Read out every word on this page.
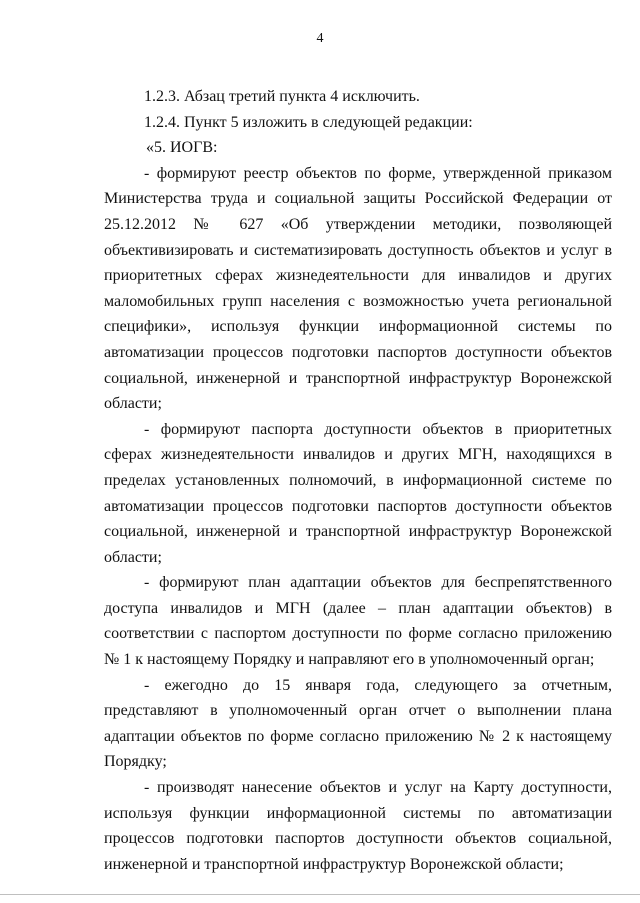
4

1.2.3. Абзац третий пункта 4 исключить.

1.2.4. Пункт 5 изложить в следующей редакции:

«5. ИОГВ:

- формируют реестр объектов по форме, утвержденной приказом Министерства труда и социальной защиты Российской Федерации от 25.12.2012 № 627 «Об утверждении методики, позволяющей объективизировать и систематизировать доступность объектов и услуг в приоритетных сферах жизнедеятельности для инвалидов и других маломобильных групп населения с возможностью учета региональной специфики», используя функции информационной системы по автоматизации процессов подготовки паспортов доступности объектов социальной, инженерной и транспортной инфраструктур Воронежской области;

- формируют паспорта доступности объектов в приоритетных сферах жизнедеятельности инвалидов и других МГН, находящихся в пределах установленных полномочий, в информационной системе по автоматизации процессов подготовки паспортов доступности объектов социальной, инженерной и транспортной инфраструктур Воронежской области;

- формируют план адаптации объектов для беспрепятственного доступа инвалидов и МГН (далее – план адаптации объектов) в соответствии с паспортом доступности по форме согласно приложению № 1 к настоящему Порядку и направляют его в уполномоченный орган;

- ежегодно до 15 января года, следующего за отчетным, представляют в уполномоченный орган отчет о выполнении плана адаптации объектов по форме согласно приложению № 2 к настоящему Порядку;

- производят нанесение объектов и услуг на Карту доступности, используя функции информационной системы по автоматизации процессов подготовки паспортов доступности объектов социальной, инженерной и транспортной инфраструктур Воронежской области;
